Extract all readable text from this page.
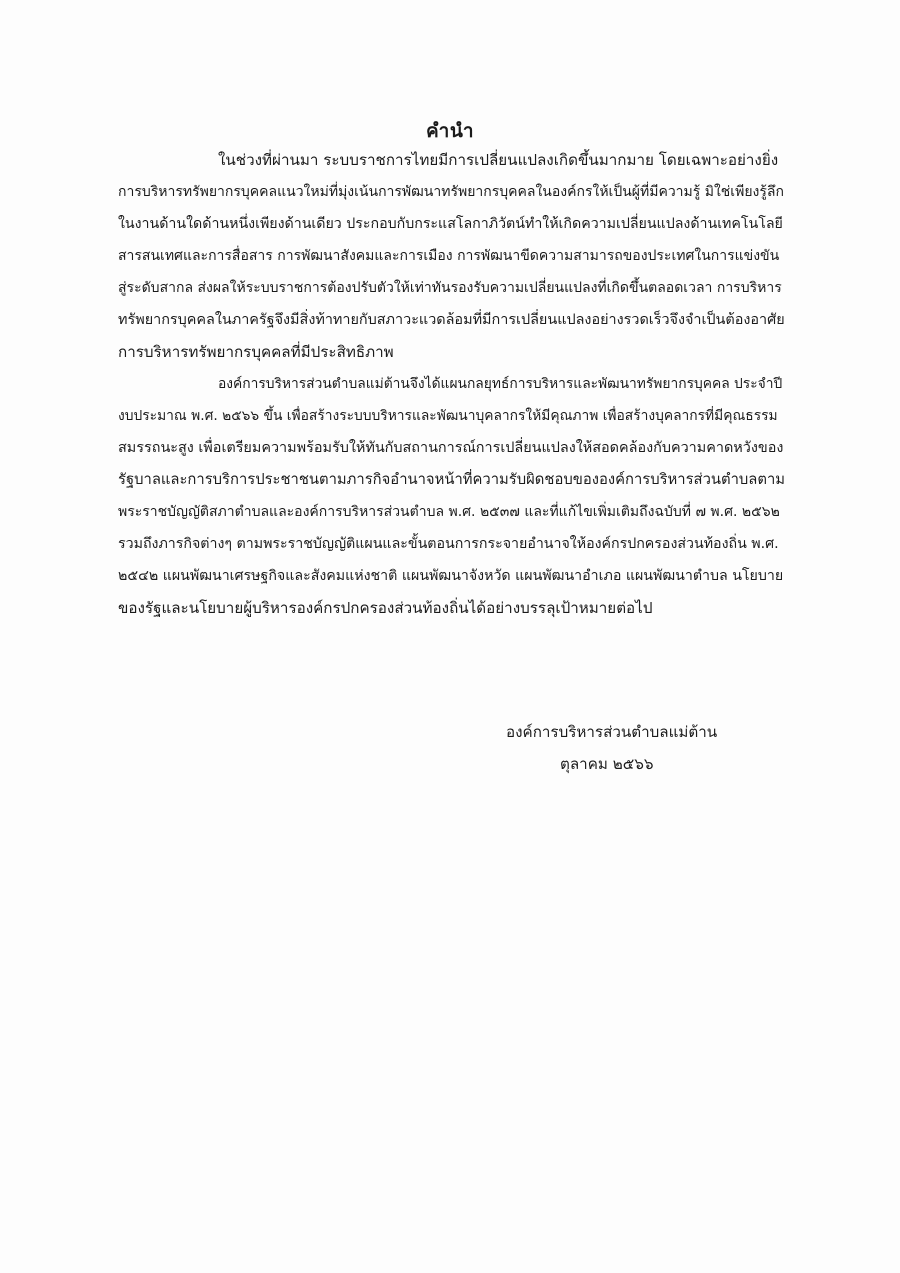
คำนำ
ในช่วงที่ผ่านมา ระบบราชการไทยมีการเปลี่ยนแปลงเกิดขึ้นมากมาย โดยเฉพาะอย่างยิ่ง
การบริหารทรัพยากรบุคคลแนวใหม่ที่มุ่งเน้นการพัฒนาทรัพยากรบุคคลในองค์กรให้เป็นผู้ที่มีความรู้ มิใช่เพียงรู้ลึก
ในงานด้านใดด้านหนึ่งเพียงด้านเดียว ประกอบกับกระแสโลกาภิวัตน์ทำให้เกิดความเปลี่ยนแปลงด้านเทคโนโลยี
สารสนเทศและการสื่อสาร การพัฒนาสังคมและการเมือง การพัฒนาขีดความสามารถของประเทศในการแข่งขัน
สู่ระดับสากล ส่งผลให้ระบบราชการต้องปรับตัวให้เท่าทันรองรับความเปลี่ยนแปลงที่เกิดขึ้นตลอดเวลา การบริหาร
ทรัพยากรบุคคลในภาครัฐจึงมีสิ่งท้าทายกับสภาวะแวดล้อมที่มีการเปลี่ยนแปลงอย่างรวดเร็วจึงจำเป็นต้องอาศัย
การบริหารทรัพยากรบุคคลที่มีประสิทธิภาพ
องค์การบริหารส่วนตำบลแม่ต้านจึงได้แผนกลยุทธ์การบริหารและพัฒนาทรัพยากรบุคคล ประจำปี
งบประมาณ พ.ศ. ๒๕๖๖ ขึ้น เพื่อสร้างระบบบริหารและพัฒนาบุคลากรให้มีคุณภาพ เพื่อสร้างบุคลากรที่มีคุณธรรม
สมรรถนะสูง เพื่อเตรียมความพร้อมรับให้ทันกับสถานการณ์การเปลี่ยนแปลงให้สอดคล้องกับความคาดหวังของ
รัฐบาลและการบริการประชาชนตามภารกิจอำนาจหน้าที่ความรับผิดชอบขององค์การบริหารส่วนตำบลตาม
พระราชบัญญัติสภาตำบลและองค์การบริหารส่วนตำบล พ.ศ. ๒๕๓๗ และที่แก้ไขเพิ่มเติมถึงฉบับที่ ๗ พ.ศ. ๒๕๖๒
รวมถึงภารกิจต่างๆ ตามพระราชบัญญัติแผนและขั้นตอนการกระจายอำนาจให้องค์กรปกครองส่วนท้องถิ่น พ.ศ.
๒๕๔๒ แผนพัฒนาเศรษฐกิจและสังคมแห่งชาติ แผนพัฒนาจังหวัด แผนพัฒนาอำเภอ แผนพัฒนาตำบล นโยบาย
ของรัฐและนโยบายผู้บริหารองค์กรปกครองส่วนท้องถิ่นได้อย่างบรรลุเป้าหมายต่อไป
องค์การบริหารส่วนตำบลแม่ต้าน
ตุลาคม ๒๕๖๖
